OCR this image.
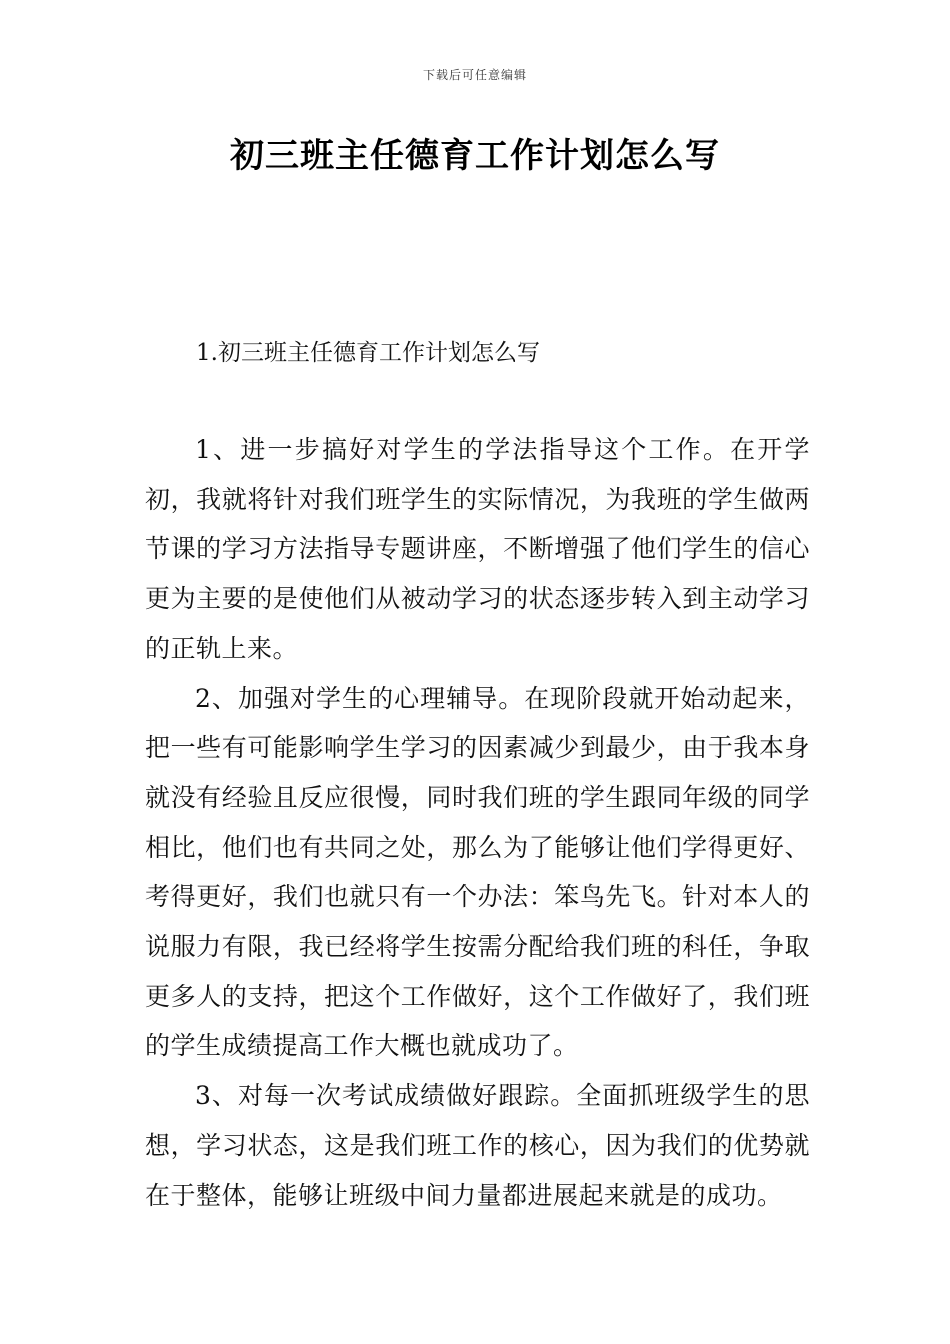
下载后可任意编辑
初三班主任德育工作计划怎么写
1.初三班主任德育工作计划怎么写

1、进一步搞好对学生的学法指导这个工作。在开学初，我就将针对我们班学生的实际情况，为我班的学生做两节课的学习方法指导专题讲座，不断增强了他们学生的信心更为主要的是使他们从被动学习的状态逐步转入到主动学习的正轨上来。

2、加强对学生的心理辅导。在现阶段就开始动起来，把一些有可能影响学生学习的因素减少到最少，由于我本身就没有经验且反应很慢，同时我们班的学生跟同年级的同学相比，他们也有共同之处，那么为了能够让他们学得更好、考得更好，我们也就只有一个办法：笨鸟先飞。针对本人的说服力有限，我已经将学生按需分配给我们班的科任，争取更多人的支持，把这个工作做好，这个工作做好了，我们班的学生成绩提高工作大概也就成功了。

3、对每一次考试成绩做好跟踪。全面抓班级学生的思想，学习状态，这是我们班工作的核心，因为我们的优势就在于整体，能够让班级中间力量都进展起来就是的成功。
